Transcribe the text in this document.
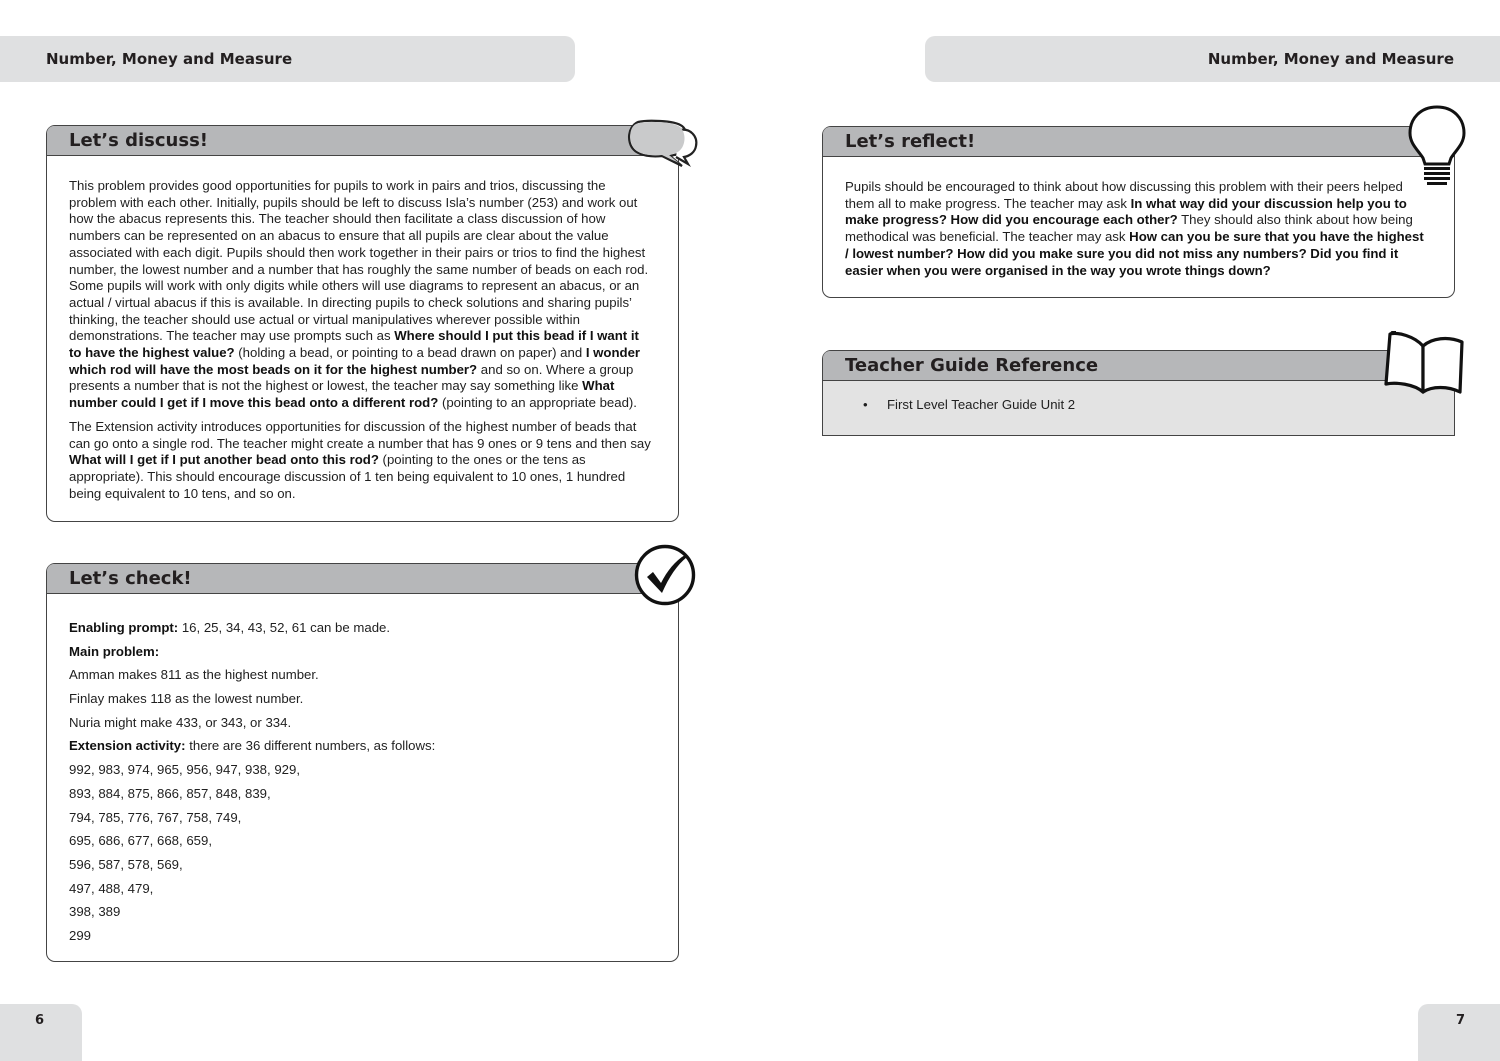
Number, Money and Measure	Number, Money and Measure
Let’s discuss!

This problem provides good opportunities for pupils to work in pairs and trios, discussing the problem with each other. Initially, pupils should be left to discuss Isla’s number (253) and work out how the abacus represents this. The teacher should then facilitate a class discussion of how numbers can be represented on an abacus to ensure that all pupils are clear about the value associated with each digit. Pupils should then work together in their pairs or trios to find the highest number, the lowest number and a number that has roughly the same number of beads on each rod. Some pupils will work with only digits while others will use diagrams to represent an abacus, or an actual / virtual abacus if this is available. In directing pupils to check solutions and sharing pupils’ thinking, the teacher should use actual or virtual manipulatives wherever possible within demonstrations. The teacher may use prompts such as Where should I put this bead if I want it to have the highest value? (holding a bead, or pointing to a bead drawn on paper) and I wonder which rod will have the most beads on it for the highest number? and so on. Where a group presents a number that is not the highest or lowest, the teacher may say something like What number could I get if I move this bead onto a different rod? (pointing to an appropriate bead).

The Extension activity introduces opportunities for discussion of the highest number of beads that can go onto a single rod. The teacher might create a number that has 9 ones or 9 tens and then say What will I get if I put another bead onto this rod? (pointing to the ones or the tens as appropriate). This should encourage discussion of 1 ten being equivalent to 10 ones, 1 hundred being equivalent to 10 tens, and so on.

Let’s check!
Enabling prompt: 16, 25, 34, 43, 52, 61 can be made.
Main problem:
Amman makes 811 as the highest number.
Finlay makes 118 as the lowest number.
Nuria might make 433, or 343, or 334.
Extension activity: there are 36 different numbers, as follows:
992, 983, 974, 965, 956, 947, 938, 929,
893, 884, 875, 866, 857, 848, 839,
794, 785, 776, 767, 758, 749,
695, 686, 677, 668, 659,
596, 587, 578, 569,
497, 488, 479,
398, 389
299
Let’s reflect!

Pupils should be encouraged to think about how discussing this problem with their peers helped them all to make progress. The teacher may ask In what way did your discussion help you to make progress? How did you encourage each other? They should also think about how being methodical was beneficial. The teacher may ask How can you be sure that you have the highest / lowest number? How did you make sure you did not miss any numbers? Did you find it easier when you were organised in the way you wrote things down?

Teacher Guide Reference
• First Level Teacher Guide Unit 2
6	7
